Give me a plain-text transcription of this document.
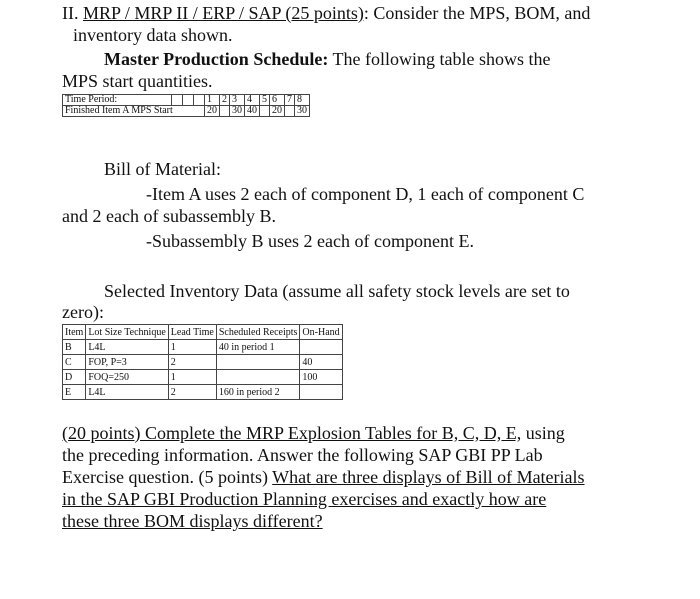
II. MRP / MRP II / ERP / SAP (25 points): Consider the MPS, BOM, and
inventory data shown.
Master Production Schedule: The following table shows the
MPS start quantities.
Time Period:				1	2	3	4	5	6	7	8
Finished Item A MPS Start				20		30	40		20		30
Bill of Material:
-Item A uses 2 each of component D, 1 each of component C
and 2 each of subassembly B.
-Subassembly B uses 2 each of component E.
Selected Inventory Data (assume all safety stock levels are set to
zero):
Item	Lot Size Technique	Lead Time	Scheduled Receipts	On-Hand
B	L4L	1	40 in period 1	
C	FOP, P=3	2		40
D	FOQ=250	1		100
E	L4L	2	160 in period 2	
(20 points) Complete the MRP Explosion Tables for B, C, D, E, using
the preceding information. Answer the following SAP GBI PP Lab
Exercise question. (5 points) What are three displays of Bill of Materials
in the SAP GBI Production Planning exercises and exactly how are
these three BOM displays different?
